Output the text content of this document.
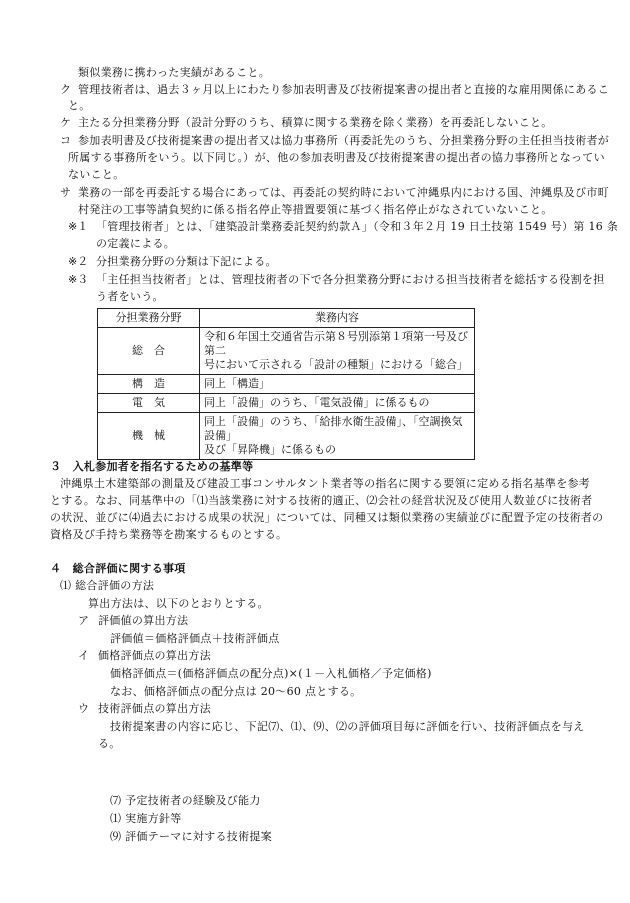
類似業務に携わった実績があること。
ク 管理技術者は、過去３ヶ月以上にわたり参加表明書及び技術提案書の提出者と直接的な雇用関係にあるこ
と。
ケ 主たる分担業務分野（設計分野のうち、積算に関する業務を除く業務）を再委託しないこと。
コ 参加表明書及び技術提案書の提出者又は協力事務所（再委託先のうち、分担業務分野の主任担当技術者が
所属する事務所をいう。以下同じ。）が、他の参加表明書及び技術提案書の提出者の協力事務所となってい
ないこと。
サ 業務の一部を再委託する場合にあっては、再委託の契約時において沖縄県内における国、沖縄県及び市町
村発注の工事等請負契約に係る指名停止等措置要領に基づく指名停止がなされていないこと。
※１ 「管理技術者」とは、「建築設計業務委託契約約款Ａ」（令和３年２月 19 日土技第 1549 号）第 16 条
の定義による。
※２ 分担業務分野の分類は下記による。
※３ 「主任担当技術者」とは、管理技術者の下で各分担業務分野における担当技術者を総括する役割を担
う者をいう。
分担業務分野	業務内容
総　合	令和６年国土交通省告示第８号別添第１項第一号及び第二
号において示される「設計の種類」における「総合」

構　造	同上「構造」

電　気	同上「設備」のうち、「電気設備」に係るもの

機　械	同上「設備」のうち、「給排水衛生設備」、「空調換気設備」
及び「昇降機」に係るもの
３　入札参加者を指名するための基準等
沖縄県土木建築部の測量及び建設工事コンサルタント業者等の指名に関する要領に定める指名基準を参考
とする。なお、同基準中の「⑴当該業務に対する技術的適正、⑵会社の経営状況及び使用人数並びに技術者
の状況、並びに⑷過去における成果の状況」については、同種又は類似業務の実績並びに配置予定の技術者の
資格及び手持ち業務等を勘案するものとする。
４　総合評価に関する事項
⑴ 総合評価の方法
算出方法は、以下のとおりとする。
ア 評価値の算出方法
評価値＝価格評価点＋技術評価点
イ 価格評価点の算出方法
価格評価点＝(価格評価点の配分点)×(１－入札価格／予定価格)
なお、価格評価点の配分点は 20～60 点とする。
ウ 技術評価点の算出方法
技術提案書の内容に応じ、下記⑺、⑴、⑼、⑵の評価項目毎に評価を行い、技術評価点を与え
る。
⑺ 予定技術者の経験及び能力
⑴ 実施方針等
⑼ 評価テーマに対する技術提案
